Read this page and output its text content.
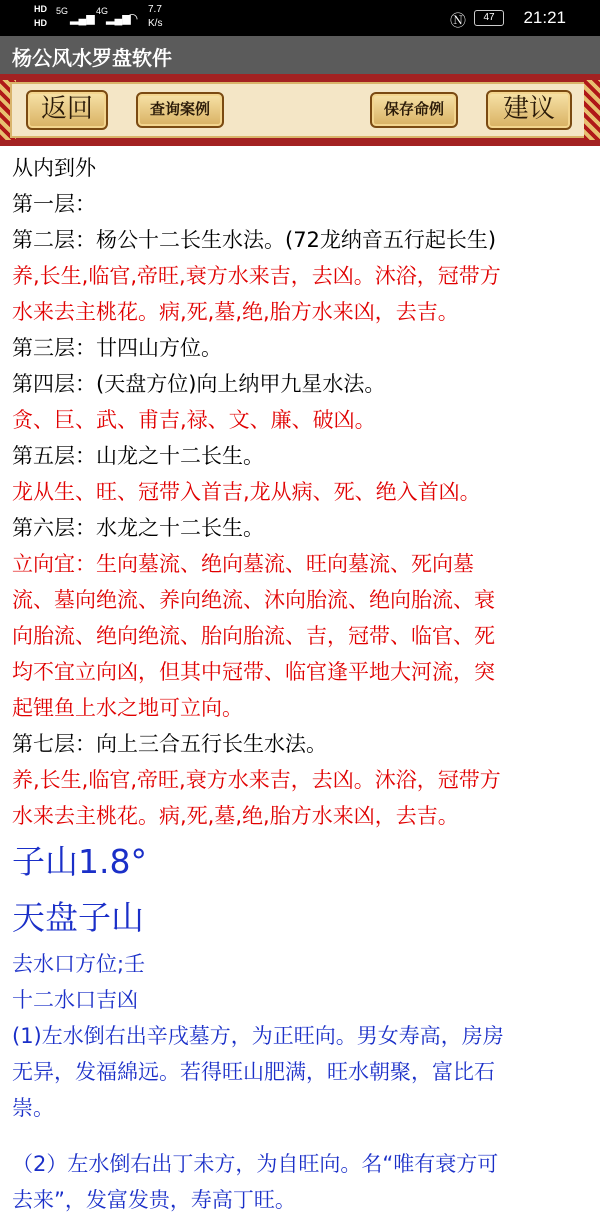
HD
HD
5G
▂▄▆
4G
▂▄▆
◠
7.7
K/s	Ⓝ	47	21:21
杨公风水罗盘软件
返回	查询案例	保存命例	建议
从内到外
第一层：
第二层：杨公十二长生水法。(72龙纳音五行起长生)
养,长生,临官,帝旺,衰方水来吉，去凶。沐浴，冠带方
水来去主桃花。病,死,墓,绝,胎方水来凶，去吉。
第三层：廿四山方位。
第四层：(天盘方位)向上纳甲九星水法。
贪、巨、武、甫吉,禄、文、廉、破凶。
第五层：山龙之十二长生。
龙从生、旺、冠带入首吉,龙从病、死、绝入首凶。
第六层：水龙之十二长生。
立向宜：生向墓流、绝向墓流、旺向墓流、死向墓
流、墓向绝流、养向绝流、沐向胎流、绝向胎流、衰
向胎流、绝向绝流、胎向胎流、吉，冠带、临官、死
均不宜立向凶，但其中冠带、临官逢平地大河流，突
起锂鱼上水之地可立向。
第七层：向上三合五行长生水法。
养,长生,临官,帝旺,衰方水来吉，去凶。沐浴，冠带方
水来去主桃花。病,死,墓,绝,胎方水来凶，去吉。
子山1.8°
天盘子山
去水口方位;壬
十二水口吉凶
(1)左水倒右出辛戌墓方，为正旺向。男女寿高，房房
无异，发福綿远。若得旺山肥满，旺水朝聚，富比石
崇。
（2）左水倒右出丁未方，为自旺向。名“唯有衰方可
去来”，发富发贵，寿高丁旺。
